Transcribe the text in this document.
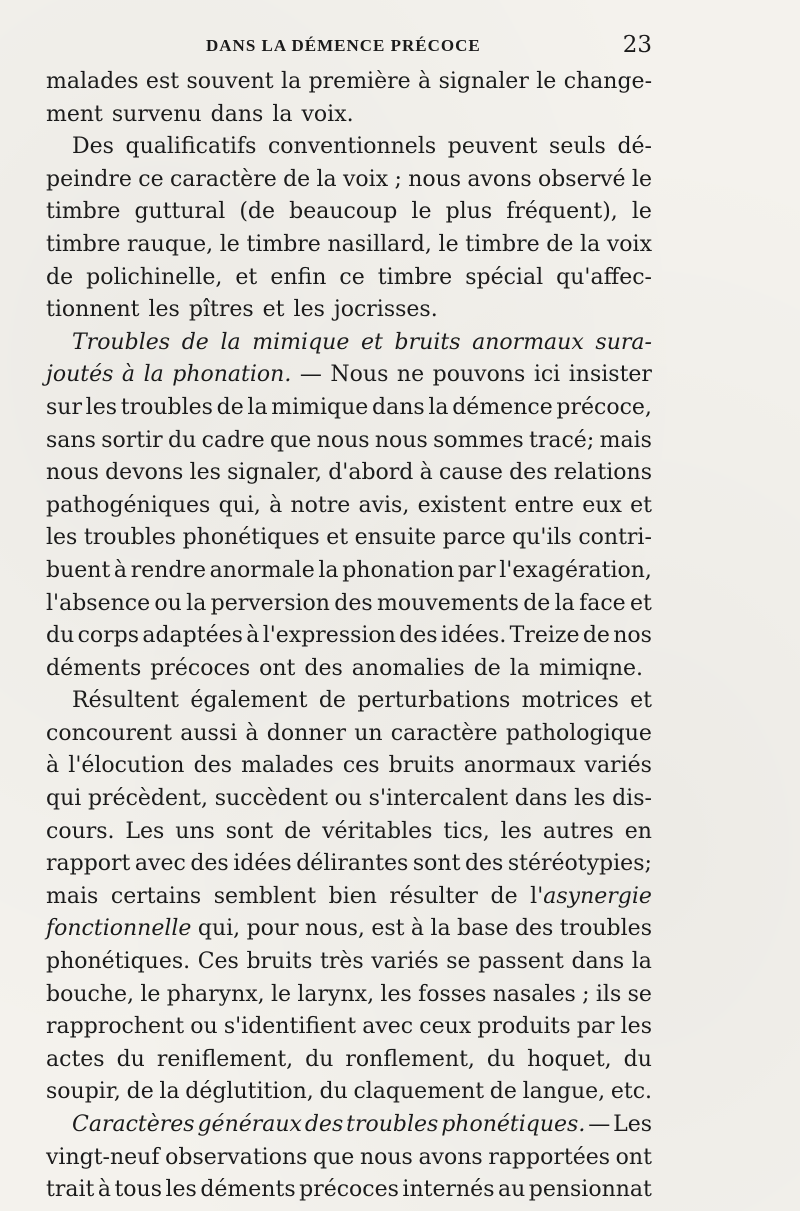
DANS LA DÉMENCE PRÉCOCE	23
malades est souvent la première à signaler le change-
ment survenu dans la voix.
Des qualificatifs conventionnels peuvent seuls dé-
peindre ce caractère de la voix ; nous avons observé le
timbre guttural (de beaucoup le plus fréquent), le
timbre rauque, le timbre nasillard, le timbre de la voix
de polichinelle, et enfin ce timbre spécial qu'affec-
tionnent les pîtres et les jocrisses.
Troubles de la mimique et bruits anormaux sura-
joutés à la phonation. — Nous ne pouvons ici insister
sur les troubles de la mimique dans la démence précoce,
sans sortir du cadre que nous nous sommes tracé; mais
nous devons les signaler, d'abord à cause des relations
pathogéniques qui, à notre avis, existent entre eux et
les troubles phonétiques et ensuite parce qu'ils contri-
buent à rendre anormale la phonation par l'exagération,
l'absence ou la perversion des mouvements de la face et
du corps adaptées à l'expression des idées. Treize de nos
déments précoces ont des anomalies de la mimiqne.
Résultent également de perturbations motrices et
concourent aussi à donner un caractère pathologique
à l'élocution des malades ces bruits anormaux variés
qui précèdent, succèdent ou s'intercalent dans les dis-
cours. Les uns sont de véritables tics, les autres en
rapport avec des idées délirantes sont des stéréotypies;
mais certains semblent bien résulter de l'asynergie
fonctionnelle qui, pour nous, est à la base des troubles
phonétiques. Ces bruits très variés se passent dans la
bouche, le pharynx, le larynx, les fosses nasales ; ils se
rapprochent ou s'identifient avec ceux produits par les
actes du reniflement, du ronflement, du hoquet, du
soupir, de la déglutition, du claquement de langue, etc.
Caractères généraux des troubles phonétiques. — Les
vingt-neuf observations que nous avons rapportées ont
trait à tous les déments précoces internés au pensionnat
